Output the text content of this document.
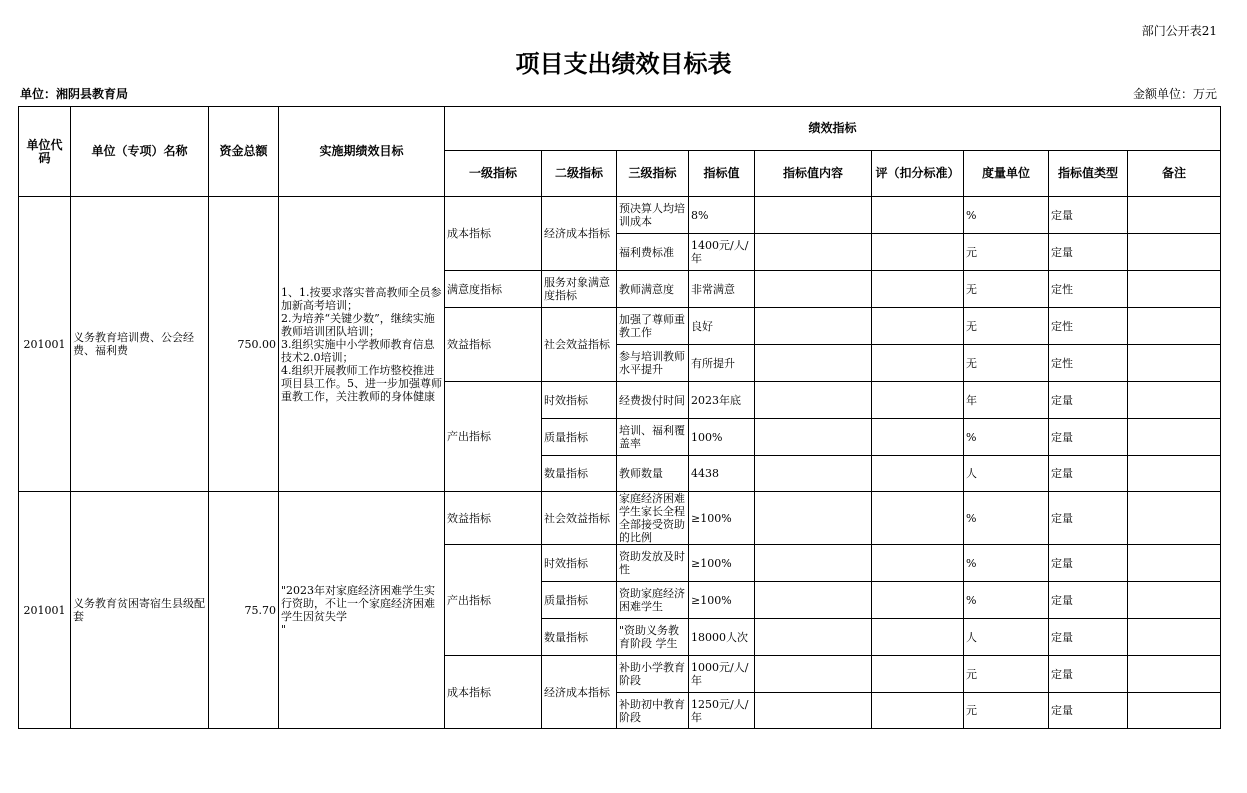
部门公开表21
项目支出绩效目标表
单位：湘阴县教育局	金额单位：万元
单位代码	单位（专项）名称	资金总额	实施期绩效目标	绩效指标								
				一级指标	二级指标	三级指标	指标值	指标值内容	评（扣分标准）	度量单位	指标值类型	备注
201001	义务教育培训费、公会经费、福利费	750.00	1、1.按要求落实普高教师全员参加新高考培训；
2.为培养“关键少数”，继续实施教师培训团队培训；
3.组织实施中小学教师教育信息技术2.0培训；
4.组织开展教师工作坊整校推进项目县工作。5、进一步加强尊师重教工作，关注教师的身体健康	成本指标	经济成本指标	预决算人均培训成本	8%			%	定量	
						福利费标准	1400元/人/年			元	定量	
				满意度指标	服务对象满意度指标	教师满意度	非常满意			无	定性	
				效益指标	社会效益指标	加强了尊师重教工作	良好			无	定性	
						参与培训教师水平提升	有所提升			无	定性	
				产出指标	时效指标	经费拨付时间	2023年底			年	定量	
					质量指标	培训、福利覆盖率	100%			%	定量	
					数量指标	教师数量	4438			人	定量	
201001	义务教育贫困寄宿生县级配套	75.70	"2023年对家庭经济困难学生实行资助，不让一个家庭经济困难学生因贫失学
"	效益指标	社会效益指标	家庭经济困难学生家长全程全部接受资助的比例	≥100%			%	定量	
				产出指标	时效指标	资助发放及时性	≥100%			%	定量	
					质量指标	资助家庭经济困难学生	≥100%			%	定量	
					数量指标	"资助义务教育阶段 学生	18000人次			人	定量	
				成本指标	经济成本指标	补助小学教育阶段	1000元/人/年			元	定量	
						补助初中教育阶段	1250元/人/年			元	定量	
